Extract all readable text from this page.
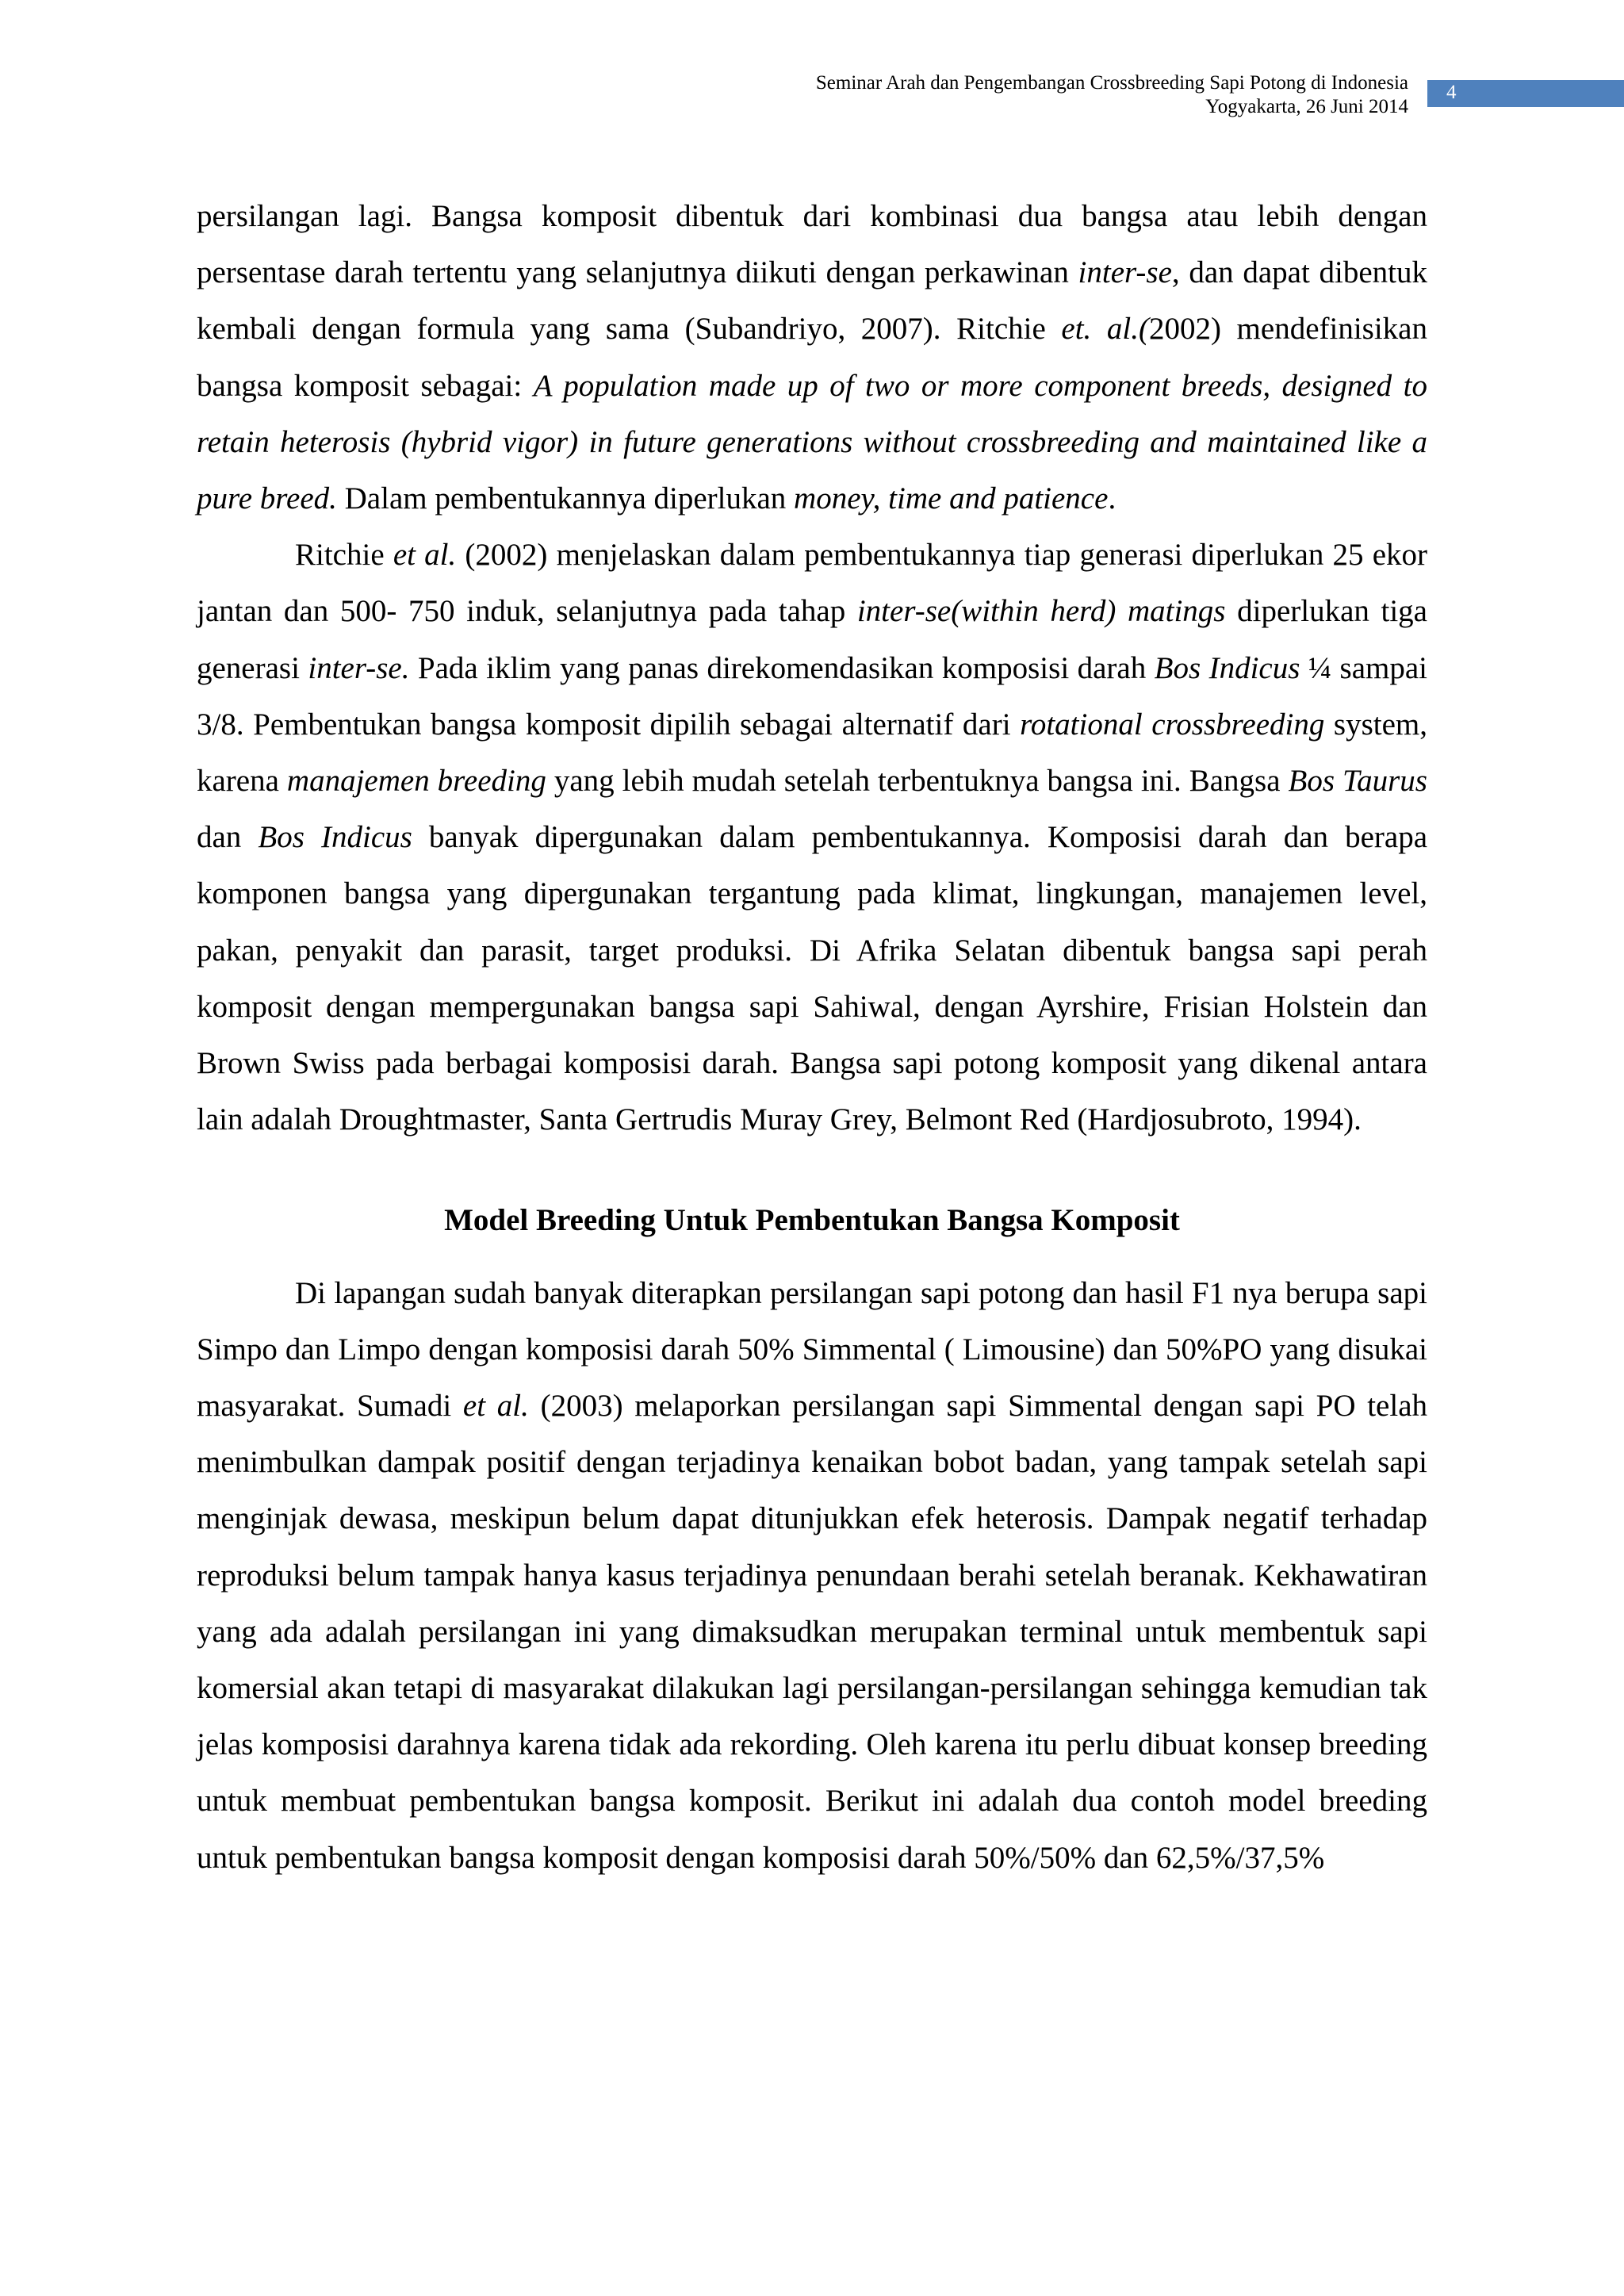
Seminar Arah dan Pengembangan Crossbreeding Sapi Potong di Indonesia
Yogyakarta, 26 Juni 2014
4

persilangan lagi. Bangsa komposit dibentuk dari kombinasi dua bangsa atau lebih dengan persentase darah tertentu yang selanjutnya diikuti dengan perkawinan inter-se, dan dapat dibentuk kembali dengan formula yang sama (Subandriyo, 2007). Ritchie et. al.(2002) mendefinisikan bangsa komposit sebagai: A population made up of two or more component breeds, designed to retain heterosis (hybrid vigor) in future generations without crossbreeding and maintained like a pure breed. Dalam pembentukannya diperlukan money, time and patience.

Ritchie et al. (2002) menjelaskan dalam pembentukannya tiap generasi diperlukan 25 ekor jantan dan 500- 750 induk, selanjutnya pada tahap inter-se(within herd) matings diperlukan tiga generasi inter-se. Pada iklim yang panas direkomendasikan komposisi darah Bos Indicus ¼ sampai 3/8. Pembentukan bangsa komposit dipilih sebagai alternatif dari rotational crossbreeding system, karena manajemen breeding yang lebih mudah setelah terbentuknya bangsa ini. Bangsa Bos Taurus dan Bos Indicus banyak dipergunakan dalam pembentukannya. Komposisi darah dan berapa komponen bangsa yang dipergunakan tergantung pada klimat, lingkungan, manajemen level, pakan, penyakit dan parasit, target produksi. Di Afrika Selatan dibentuk bangsa sapi perah komposit dengan mempergunakan bangsa sapi Sahiwal, dengan Ayrshire, Frisian Holstein dan Brown Swiss pada berbagai komposisi darah. Bangsa sapi potong komposit yang dikenal antara lain adalah Droughtmaster, Santa Gertrudis Muray Grey, Belmont Red (Hardjosubroto, 1994).

Model Breeding Untuk Pembentukan Bangsa Komposit

Di lapangan sudah banyak diterapkan persilangan sapi potong dan hasil F1 nya berupa sapi Simpo dan Limpo dengan komposisi darah 50% Simmental ( Limousine) dan 50%PO yang disukai masyarakat. Sumadi et al. (2003) melaporkan persilangan sapi Simmental dengan sapi PO telah menimbulkan dampak positif dengan terjadinya kenaikan bobot badan, yang tampak setelah sapi menginjak dewasa, meskipun belum dapat ditunjukkan efek heterosis. Dampak negatif terhadap reproduksi belum tampak hanya kasus terjadinya penundaan berahi setelah beranak. Kekhawatiran yang ada adalah persilangan ini yang dimaksudkan merupakan terminal untuk membentuk sapi komersial akan tetapi di masyarakat dilakukan lagi persilangan-persilangan sehingga kemudian tak jelas komposisi darahnya karena tidak ada rekording. Oleh karena itu perlu dibuat konsep breeding untuk membuat pembentukan bangsa komposit. Berikut ini adalah dua contoh model breeding untuk pembentukan bangsa komposit dengan komposisi darah 50%/50% dan 62,5%/37,5%
